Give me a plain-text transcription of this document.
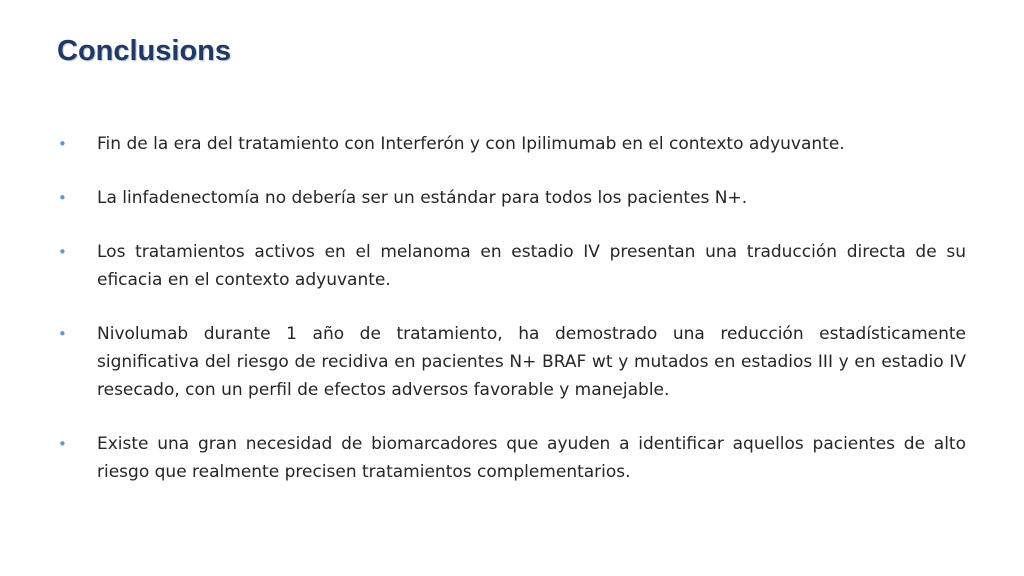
Conclusions
• Fin de la era del tratamiento con Interferón y con Ipilimumab en el contexto adyuvante.
• La linfadenectomía no debería ser un estándar para todos los pacientes N+.
• Los tratamientos activos en el melanoma en estadio IV presentan una traducción directa de su eficacia en el contexto adyuvante.
• Nivolumab durante 1 año de tratamiento, ha demostrado una reducción estadísticamente significativa del riesgo de recidiva en pacientes N+ BRAF wt y mutados en estadios III y en estadio IV resecado, con un perfil de efectos adversos favorable y manejable.
• Existe una gran necesidad de biomarcadores que ayuden a identificar aquellos pacientes de alto riesgo que realmente precisen tratamientos complementarios.
